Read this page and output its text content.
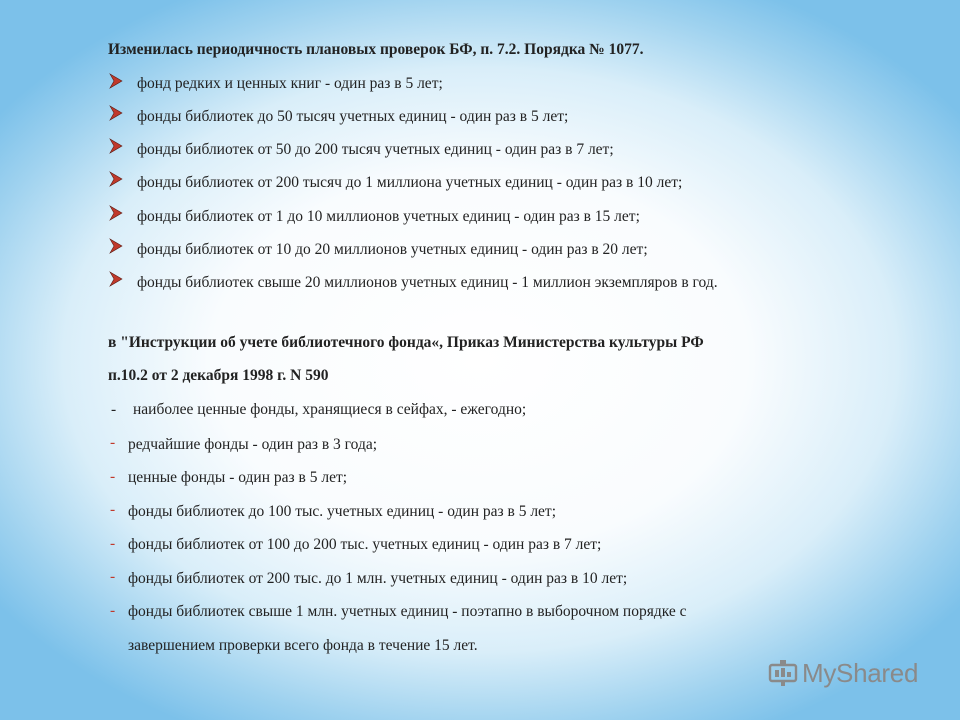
Изменилась периодичность плановых проверок БФ, п. 7.2. Порядка № 1077.
фонд редких и ценных книг - один раз в 5 лет;
фонды библиотек до 50 тысяч учетных единиц - один раз в 5 лет;
фонды библиотек от 50 до 200 тысяч учетных единиц - один раз в 7 лет;
фонды библиотек от 200 тысяч до 1 миллиона учетных единиц - один раз в 10 лет;
фонды библиотек от 1 до 10 миллионов учетных единиц - один раз в 15 лет;
фонды библиотек от 10 до 20 миллионов учетных единиц - один раз в 20 лет;
фонды библиотек свыше 20 миллионов учетных единиц - 1 миллион экземпляров в год.
в "Инструкции об учете библиотечного фонда«, Приказ Министерства культуры РФ
п.10.2 от 2 декабря 1998 г. N 590
- наиболее ценные фонды, хранящиеся в сейфах, - ежегодно;
- редчайшие фонды - один раз в 3 года;
- ценные фонды - один раз в 5 лет;
- фонды библиотек до 100 тыс. учетных единиц - один раз в 5 лет;
- фонды библиотек от 100 до 200 тыс. учетных единиц - один раз в 7 лет;
- фонды библиотек от 200 тыс. до 1 млн. учетных единиц - один раз в 10 лет;
- фонды библиотек свыше 1 млн. учетных единиц - поэтапно в выборочном порядке с
завершением проверки всего фонда в течение 15 лет.
MyShared
